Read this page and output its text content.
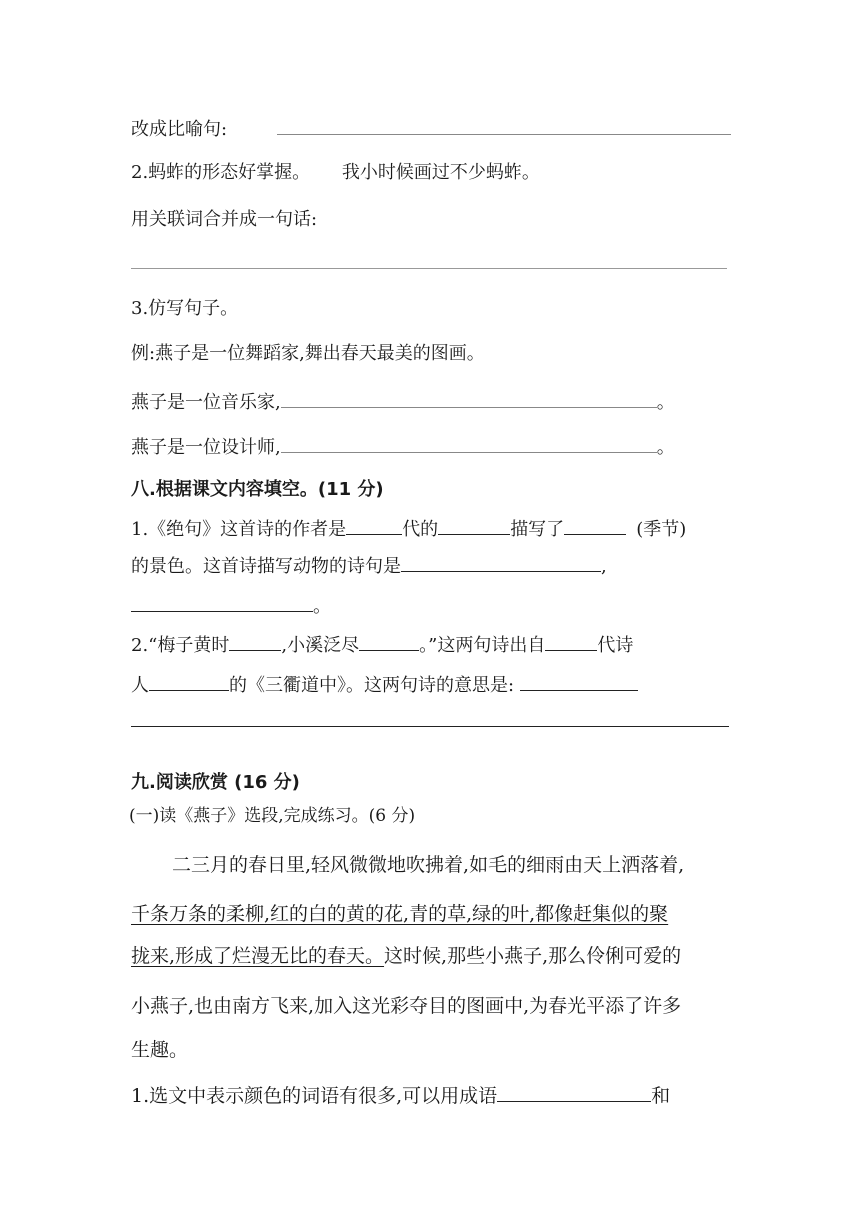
改成比喻句:
2.蚂蚱的形态好掌握。 我小时候画过不少蚂蚱。
用关联词合并成一句话:
3.仿写句子。
例:燕子是一位舞蹈家,舞出春天最美的图画。
燕子是一位音乐家,	。
燕子是一位设计师,	。
八.根据课文内容填空。(11 分)
1.《绝句》这首诗的作者是	代的	描写了	(季节)
的景色。这首诗描写动物的诗句是	,
。
2.“梅子黄时	,小溪泛尽	。”这两句诗出自	代诗
人	的《三衢道中》。这两句诗的意思是:
九.阅读欣赏 (16 分)
(一)读《燕子》选段,完成练习。(6 分)
二三月的春日里,轻风微微地吹拂着,如毛的细雨由天上洒落着,
千条万条的柔柳,红的白的黄的花,青的草,绿的叶,都像赶集似的聚
拢来,形成了烂漫无比的春天。这时候,那些小燕子,那么伶俐可爱的
小燕子,也由南方飞来,加入这光彩夺目的图画中,为春光平添了许多
生趣。
1.选文中表示颜色的词语有很多,可以用成语	和
